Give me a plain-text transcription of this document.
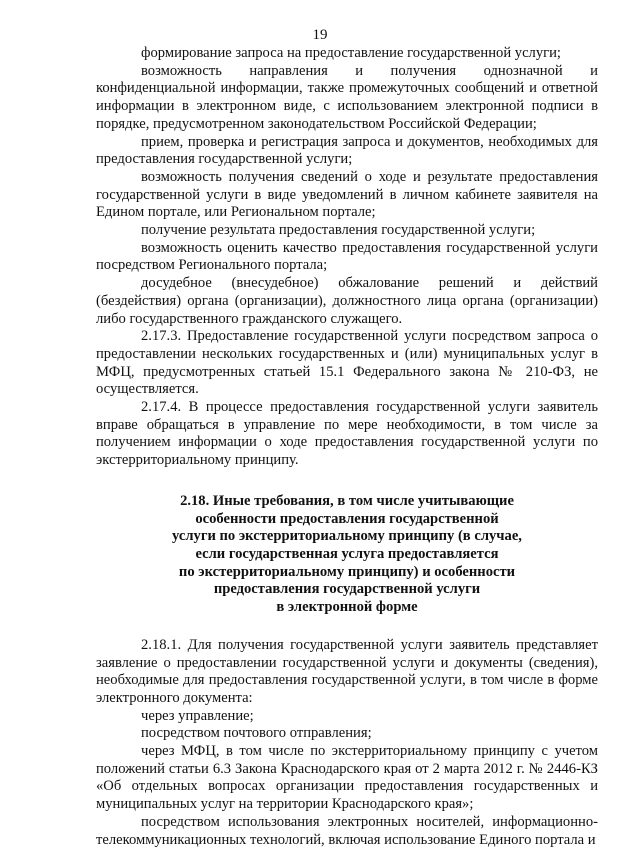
19

формирование запроса на предоставление государственной услуги;

возможность направления и получения однозначной и конфиденциальной информации, также промежуточных сообщений и ответной информации в электронном виде, с использованием электронной подписи в порядке, предусмотренном законодательством Российской Федерации;

прием, проверка и регистрация запроса и документов, необходимых для предоставления государственной услуги;

возможность получения сведений о ходе и результате предоставления государственной услуги в виде уведомлений в личном кабинете заявителя на Едином портале, или Региональном портале;

получение результата предоставления государственной услуги;

возможность оценить качество предоставления государственной услуги посредством Регионального портала;

досудебное (внесудебное) обжалование решений и действий (бездействия) органа (организации), должностного лица органа (организации) либо государственного гражданского служащего.

2.17.3. Предоставление государственной услуги посредством запроса о предоставлении нескольких государственных и (или) муниципальных услуг в МФЦ, предусмотренных статьей 15.1 Федерального закона № 210-ФЗ, не осуществляется.

2.17.4. В процессе предоставления государственной услуги заявитель вправе обращаться в управление по мере необходимости, в том числе за получением информации о ходе предоставления государственной услуги по экстерриториальному принципу.

2.18. Иные требования, в том числе учитывающие
особенности предоставления государственной
услуги по экстерриториальному принципу (в случае,
если государственная услуга предоставляется
по экстерриториальному принципу) и особенности
предоставления государственной услуги
в электронной форме

2.18.1. Для получения государственной услуги заявитель представляет заявление о предоставлении государственной услуги и документы (сведения), необходимые для предоставления государственной услуги, в том числе в форме электронного документа:

через управление;

посредством почтового отправления;

через МФЦ, в том числе по экстерриториальному принципу с учетом положений статьи 6.3 Закона Краснодарского края от 2 марта 2012 г. № 2446-КЗ «Об отдельных вопросах организации предоставления государственных и муниципальных услуг на территории Краснодарского края»;

посредством использования электронных носителей, информационно-телекоммуникационных технологий, включая использование Единого портала и
